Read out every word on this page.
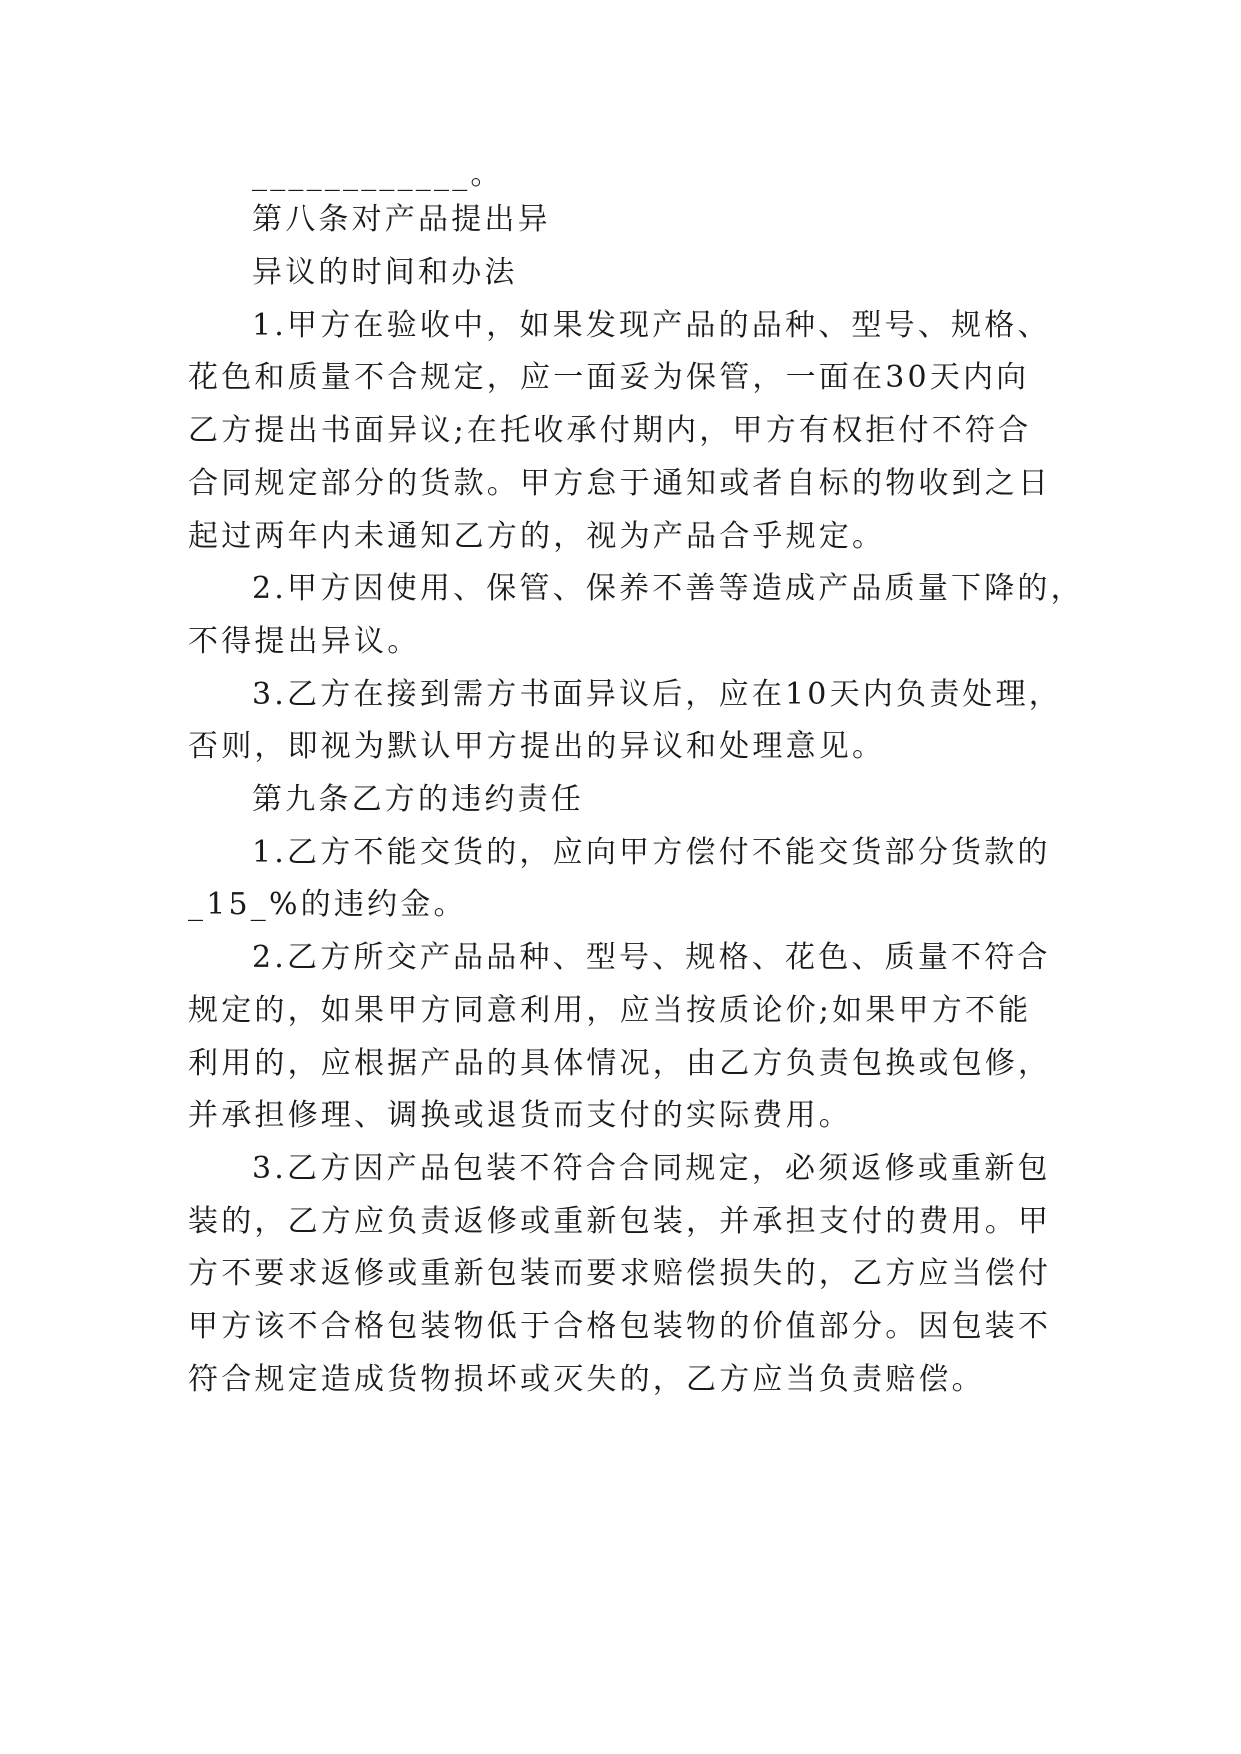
____________。
第八条对产品提出异
异议的时间和办法
1.甲方在验收中，如果发现产品的品种、型号、规格、
花色和质量不合规定，应一面妥为保管，一面在30天内向
乙方提出书面异议;在托收承付期内，甲方有权拒付不符合
合同规定部分的货款。甲方怠于通知或者自标的物收到之日
起过两年内未通知乙方的，视为产品合乎规定。
2.甲方因使用、保管、保养不善等造成产品质量下降的，
不得提出异议。
3.乙方在接到需方书面异议后，应在10天内负责处理，
否则，即视为默认甲方提出的异议和处理意见。
第九条乙方的违约责任
1.乙方不能交货的，应向甲方偿付不能交货部分货款的
_15_%的违约金。
2.乙方所交产品品种、型号、规格、花色、质量不符合
规定的，如果甲方同意利用，应当按质论价;如果甲方不能
利用的，应根据产品的具体情况，由乙方负责包换或包修，
并承担修理、调换或退货而支付的实际费用。
3.乙方因产品包装不符合合同规定，必须返修或重新包
装的，乙方应负责返修或重新包装，并承担支付的费用。甲
方不要求返修或重新包装而要求赔偿损失的，乙方应当偿付
甲方该不合格包装物低于合格包装物的价值部分。因包装不
符合规定造成货物损坏或灭失的，乙方应当负责赔偿。
